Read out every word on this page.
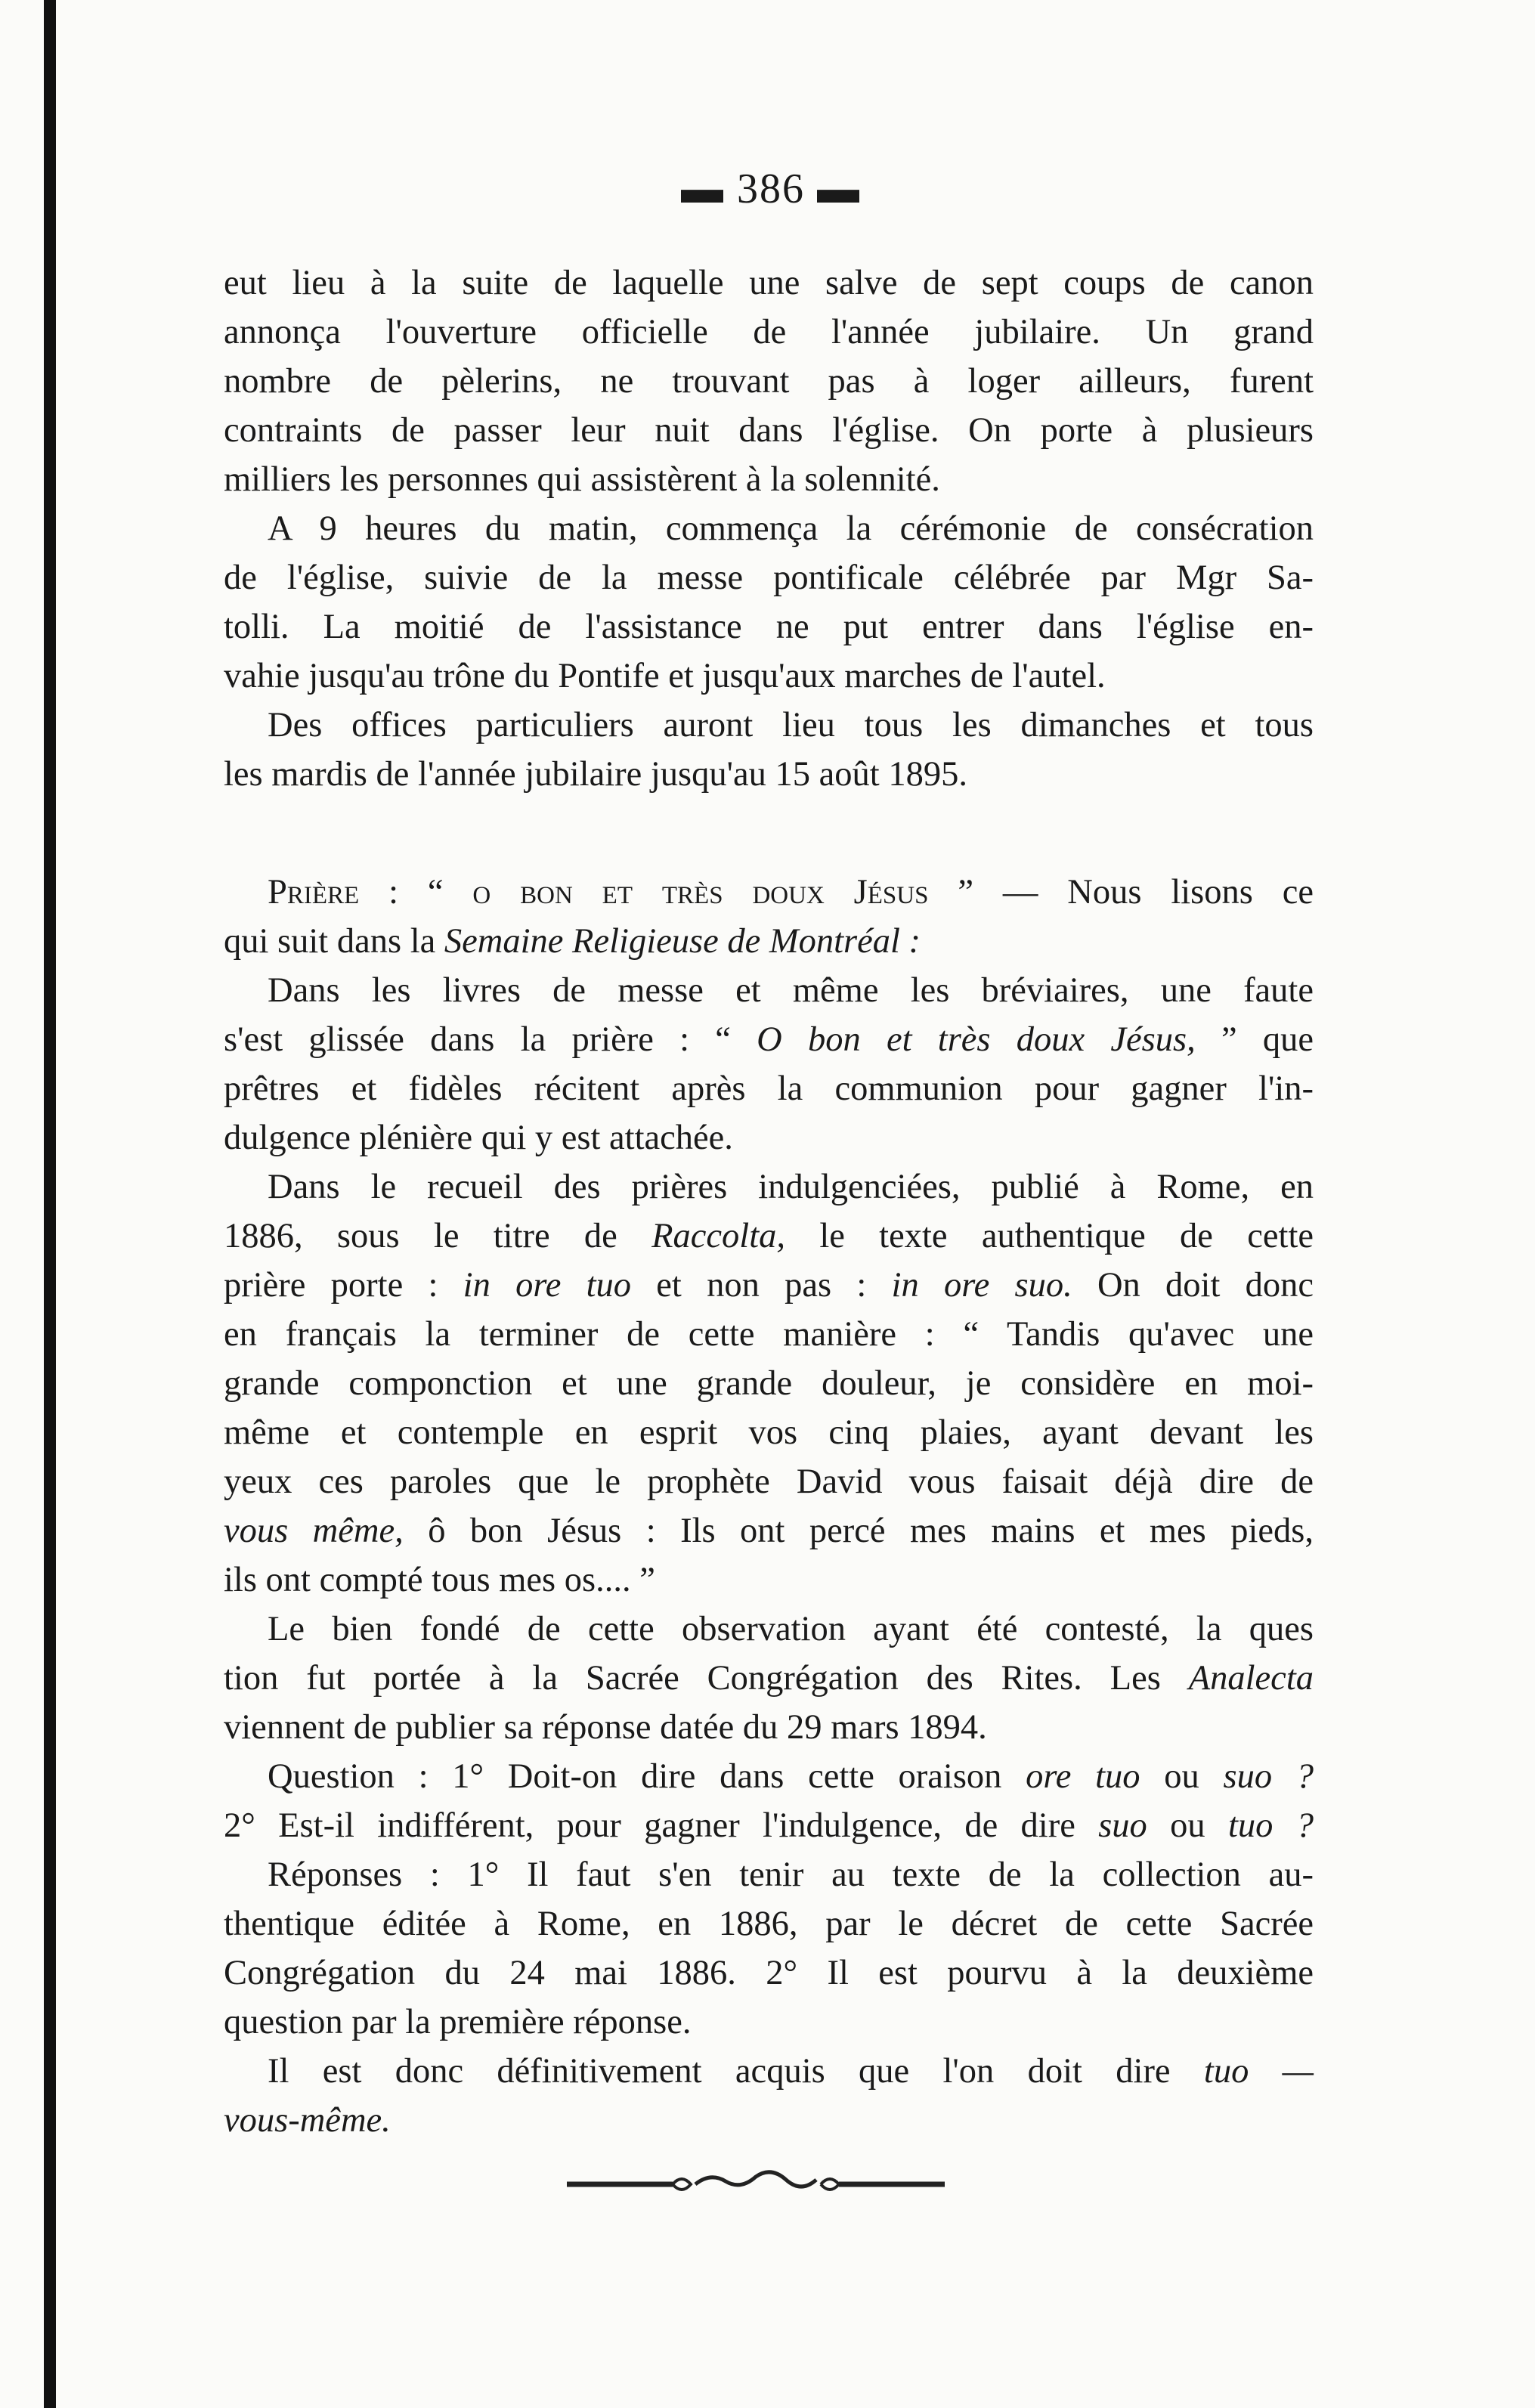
▬ 386 ▬

eut lieu à la suite de laquelle une salve de sept coups de canon
annonça l'ouverture officielle de l'année jubilaire. Un grand
nombre de pèlerins, ne trouvant pas à loger ailleurs, furent
contraints de passer leur nuit dans l'église. On porte à plusieurs
milliers les personnes qui assistèrent à la solennité.

A 9 heures du matin, commença la cérémonie de consécration
de l'église, suivie de la messe pontificale célébrée par Mgr Sa-
tolli. La moitié de l'assistance ne put entrer dans l'église en-
vahie jusqu'au trône du Pontife et jusqu'aux marches de l'autel.

Des offices particuliers auront lieu tous les dimanches et tous
les mardis de l'année jubilaire jusqu'au 15 août 1895.

Prière : “ o bon et très doux Jésus ” — Nous lisons ce
qui suit dans la Semaine Religieuse de Montréal :

Dans les livres de messe et même les bréviaires, une faute
s'est glissée dans la prière : “ O bon et très doux Jésus, ” que
prêtres et fidèles récitent après la communion pour gagner l'in-
dulgence plénière qui y est attachée.

Dans le recueil des prières indulgenciées, publié à Rome, en
1886, sous le titre de Raccolta, le texte authentique de cette
prière porte : in ore tuo et non pas : in ore suo. On doit donc
en français la terminer de cette manière : “ Tandis qu'avec une
grande componction et une grande douleur, je considère en moi-
même et contemple en esprit vos cinq plaies, ayant devant les
yeux ces paroles que le prophète David vous faisait déjà dire de
vous même, ô bon Jésus : Ils ont percé mes mains et mes pieds,
ils ont compté tous mes os.... ”

Le bien fondé de cette observation ayant été contesté, la ques
tion fut portée à la Sacrée Congrégation des Rites. Les Analecta
viennent de publier sa réponse datée du 29 mars 1894.

Question : 1° Doit-on dire dans cette oraison ore tuo ou suo ?
2° Est-il indifférent, pour gagner l'indulgence, de dire suo ou tuo ?

Réponses : 1° Il faut s'en tenir au texte de la collection au-
thentique éditée à Rome, en 1886, par le décret de cette Sacrée
Congrégation du 24 mai 1886. 2° Il est pourvu à la deuxième
question par la première réponse.

Il est donc définitivement acquis que l'on doit dire tuo —
vous-même.
